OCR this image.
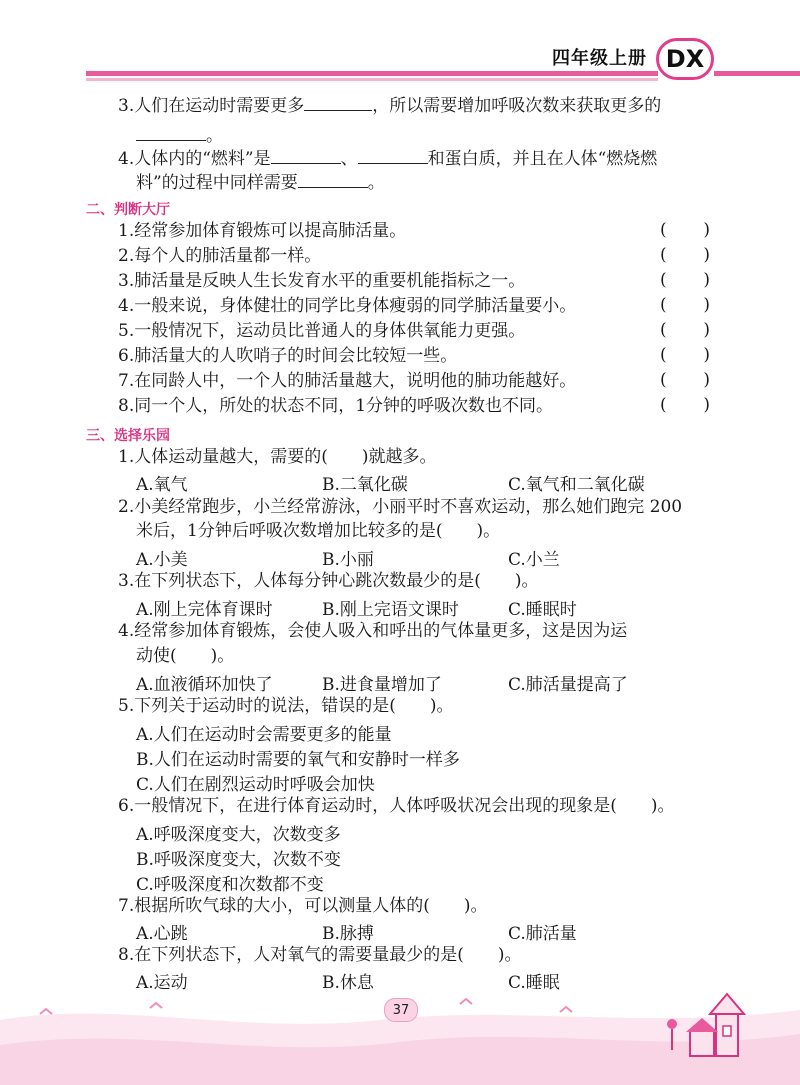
四年级上册 DX
3.人们在运动时需要更多	，所以需要增加呼吸次数来获取更多的
。
4.人体内的“燃料”是	、	和蛋白质，并且在人体“燃烧燃
料”的过程中同样需要	。
二、判断大厅
1.经常参加体育锻炼可以提高肺活量。	( )
2.每个人的肺活量都一样。	( )
3.肺活量是反映人生长发育水平的重要机能指标之一。	( )
4.一般来说，身体健壮的同学比身体瘦弱的同学肺活量要小。	( )
5.一般情况下，运动员比普通人的身体供氧能力更强。	( )
6.肺活量大的人吹哨子的时间会比较短一些。	( )
7.在同龄人中，一个人的肺活量越大，说明他的肺功能越好。	( )
8.同一个人，所处的状态不同，1分钟的呼吸次数也不同。	( )
三、选择乐园
1.人体运动量越大，需要的(　　)就越多。
A.氧气	B.二氧化碳	C.氧气和二氧化碳
2.小美经常跑步，小兰经常游泳，小丽平时不喜欢运动，那么她们跑完 200
米后，1分钟后呼吸次数增加比较多的是(　　)。
A.小美	B.小丽	C.小兰
3.在下列状态下，人体每分钟心跳次数最少的是(　　)。
A.刚上完体育课时	B.刚上完语文课时	C.睡眠时
4.经常参加体育锻炼，会使人吸入和呼出的气体量更多，这是因为运
动使(　　)。
A.血液循环加快了	B.进食量增加了	C.肺活量提高了
5.下列关于运动时的说法，错误的是(　　)。
A.人们在运动时会需要更多的能量
B.人们在运动时需要的氧气和安静时一样多
C.人们在剧烈运动时呼吸会加快
6.一般情况下，在进行体育运动时，人体呼吸状况会出现的现象是(　　)。
A.呼吸深度变大，次数变多
B.呼吸深度变大，次数不变
C.呼吸深度和次数都不变
7.根据所吹气球的大小，可以测量人体的(　　)。
A.心跳	B.脉搏	C.肺活量
8.在下列状态下，人对氧气的需要量最少的是(　　)。
A.运动	B.休息	C.睡眠
37
